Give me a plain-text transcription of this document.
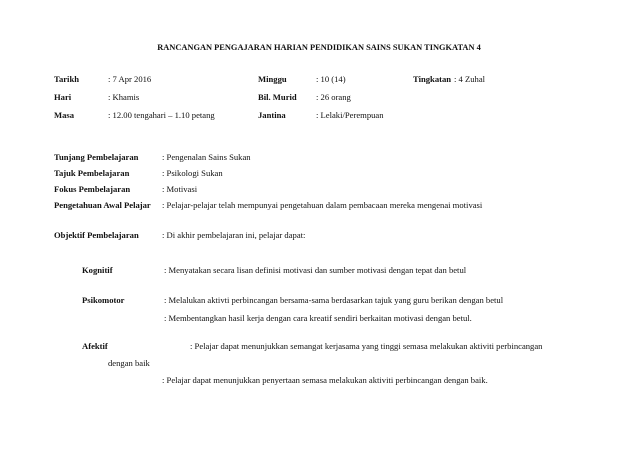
RANCANGAN PENGAJARAN HARIAN PENDIDIKAN SAINS SUKAN TINGKATAN 4
Tarikh	: 7 Apr 2016	Minggu	: 10 (14)	Tingkatan : 4 Zuhal
Hari	: Khamis	Bil. Murid : 26 orang
Masa	: 12.00 tengahari – 1.10 petang	Jantina	: Lelaki/Perempuan
Tunjang Pembelajaran	: Pengenalan Sains Sukan
Tajuk Pembelajaran	: Psikologi Sukan
Fokus Pembelajaran	: Motivasi
Pengetahuan Awal Pelajar : Pelajar-pelajar telah mempunyai pengetahuan dalam pembacaan mereka mengenai motivasi
Objektif Pembelajaran	: Di akhir pembelajaran ini, pelajar dapat:
Kognitif	: Menyatakan secara lisan definisi motivasi dan sumber motivasi dengan tepat dan betul
Psikomotor	: Melalukan aktivti perbincangan bersama-sama berdasarkan tajuk yang guru berikan dengan betul
: Membentangkan hasil kerja dengan cara kreatif sendiri berkaitan motivasi dengan betul.
Afektif	: Pelajar dapat menunjukkan semangat kerjasama yang tinggi semasa melakukan aktiviti perbincangan
dengan baik
: Pelajar dapat menunjukkan penyertaan semasa melakukan aktiviti perbincangan dengan baik.
